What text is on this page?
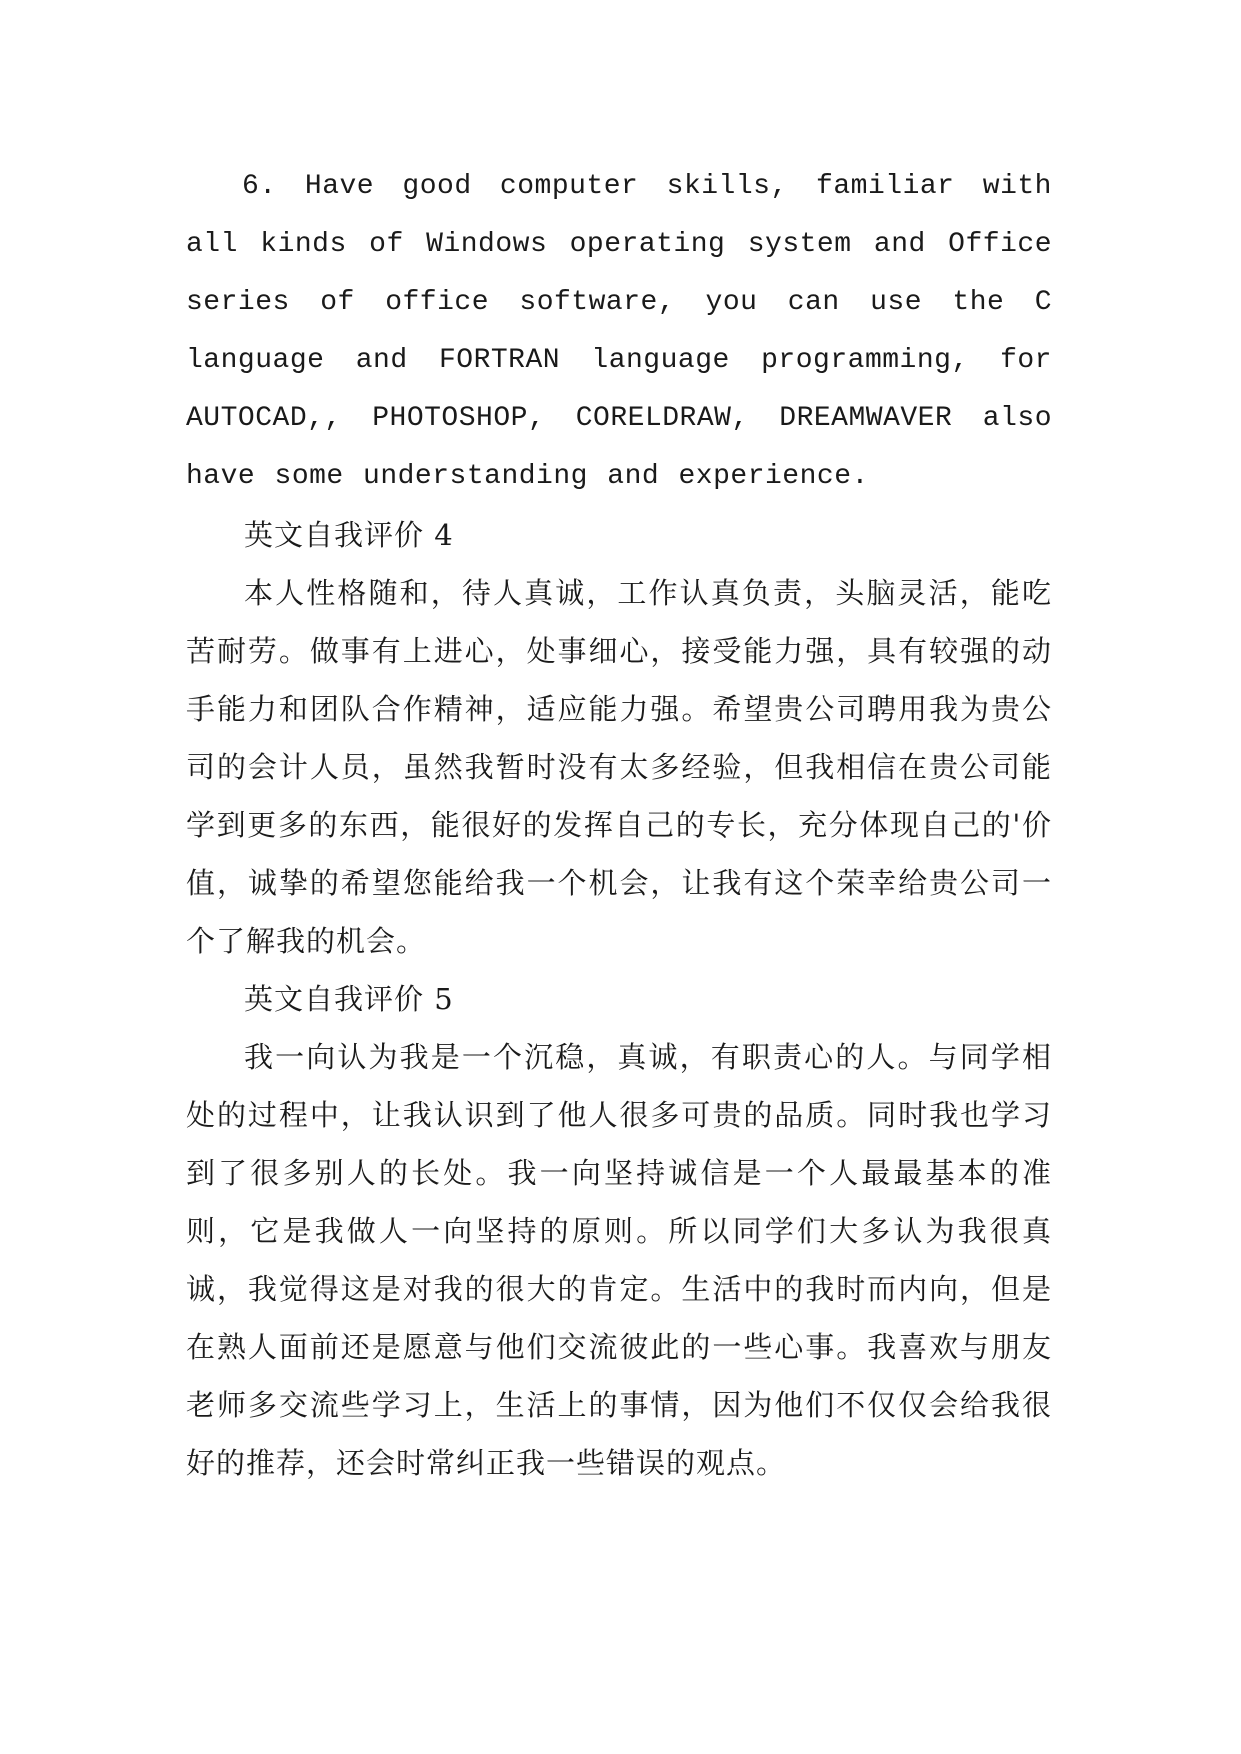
6. Have good computer skills, familiar with all kinds of Windows operating system and Office series of office software, you can use the C language and FORTRAN language programming, for AUTOCAD,, PHOTOSHOP, CORELDRAW, DREAMWAVER also have some understanding and experience.

英文自我评价 4

本人性格随和，待人真诚，工作认真负责，头脑灵活，能吃苦耐劳。做事有上进心，处事细心，接受能力强，具有较强的动手能力和团队合作精神，适应能力强。希望贵公司聘用我为贵公司的会计人员，虽然我暂时没有太多经验，但我相信在贵公司能学到更多的东西，能很好的发挥自己的专长，充分体现自己的'价值，诚挚的希望您能给我一个机会，让我有这个荣幸给贵公司一个了解我的机会。

英文自我评价 5

我一向认为我是一个沉稳，真诚，有职责心的人。与同学相处的过程中，让我认识到了他人很多可贵的品质。同时我也学习到了很多别人的长处。我一向坚持诚信是一个人最最基本的准则，它是我做人一向坚持的原则。所以同学们大多认为我很真诚，我觉得这是对我的很大的肯定。生活中的我时而内向，但是在熟人面前还是愿意与他们交流彼此的一些心事。我喜欢与朋友老师多交流些学习上，生活上的事情，因为他们不仅仅会给我很好的推荐，还会时常纠正我一些错误的观点。
